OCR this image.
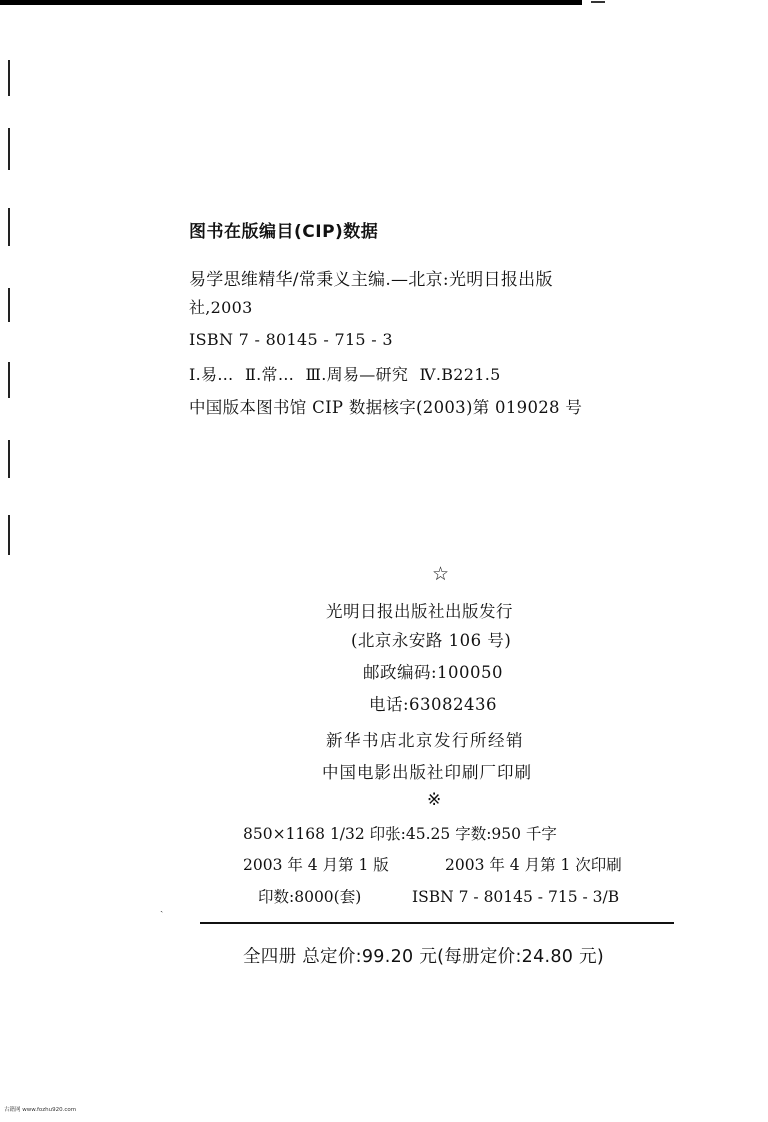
图书在版编目(CIP)数据
易学思维精华/常秉义主编.—北京:光明日报出版
社,2003
ISBN 7 - 80145 - 715 - 3
Ⅰ.易… Ⅱ.常… Ⅲ.周易—研究 Ⅳ.B221.5
中国版本图书馆 CIP 数据核字(2003)第 019028 号
☆
光明日报出版社出版发行
(北京永安路 106 号)
邮政编码:100050
电话:63082436
新华书店北京发行所经销
中国电影出版社印刷厂印刷
※
850×1168 1/32 印张:45.25 字数:950 千字
2003 年 4 月第 1 版	2003 年 4 月第 1 次印刷
印数:8000(套)	ISBN 7 - 80145 - 715 - 3/B
ˏ
全四册 总定价:99.20 元(每册定价:24.80 元)
古籍网 www.fozhu920.com
